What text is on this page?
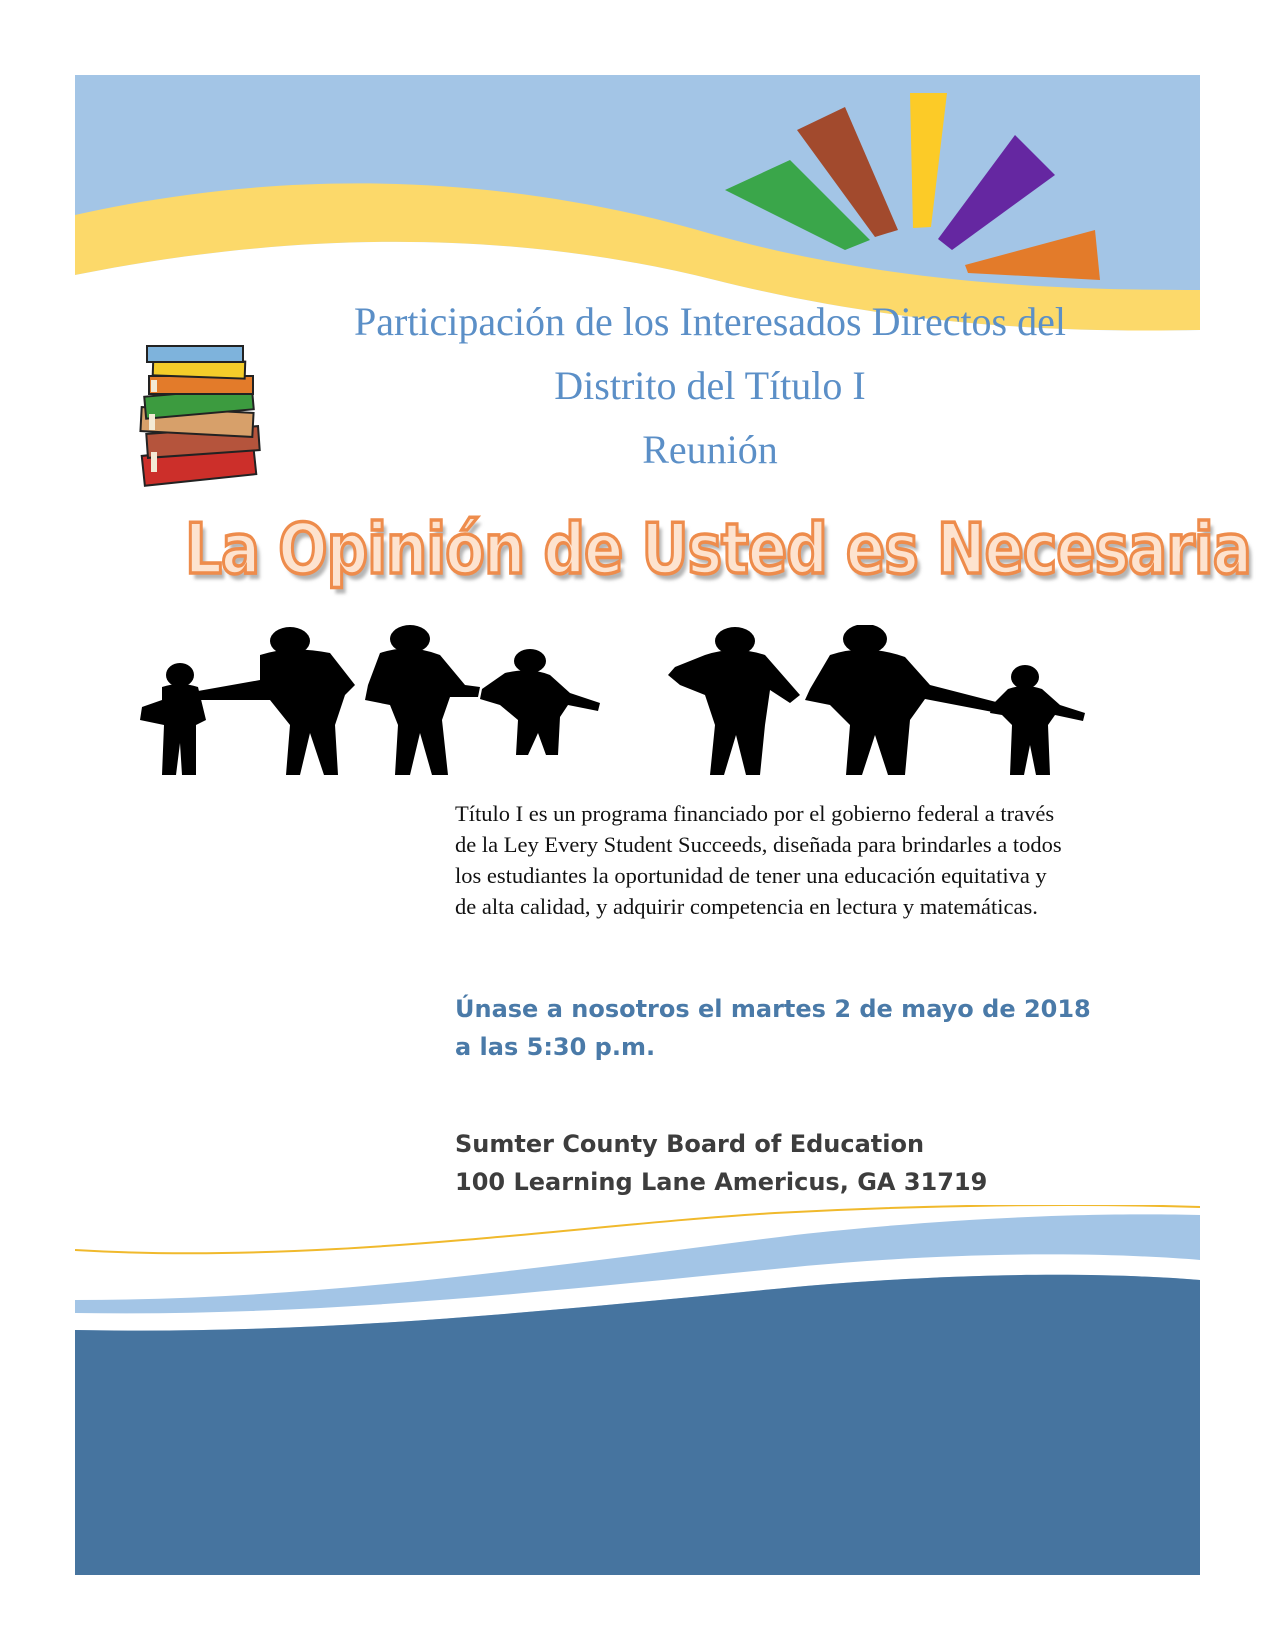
Participación de los Interesados Directos del
Distrito del Título I
Reunión
La Opinión de Usted es Necesaria
Título I es un programa financiado por el gobierno federal a través
de la Ley Every Student Succeeds, diseñada para brindarles a todos
los estudiantes la oportunidad de tener una educación equitativa y
de alta calidad, y adquirir competencia en lectura y matemáticas.
Únase a nosotros el martes 2 de mayo de 2018
a las 5:30 p.m.
Sumter County Board of Education
100 Learning Lane Americus, GA 31719
